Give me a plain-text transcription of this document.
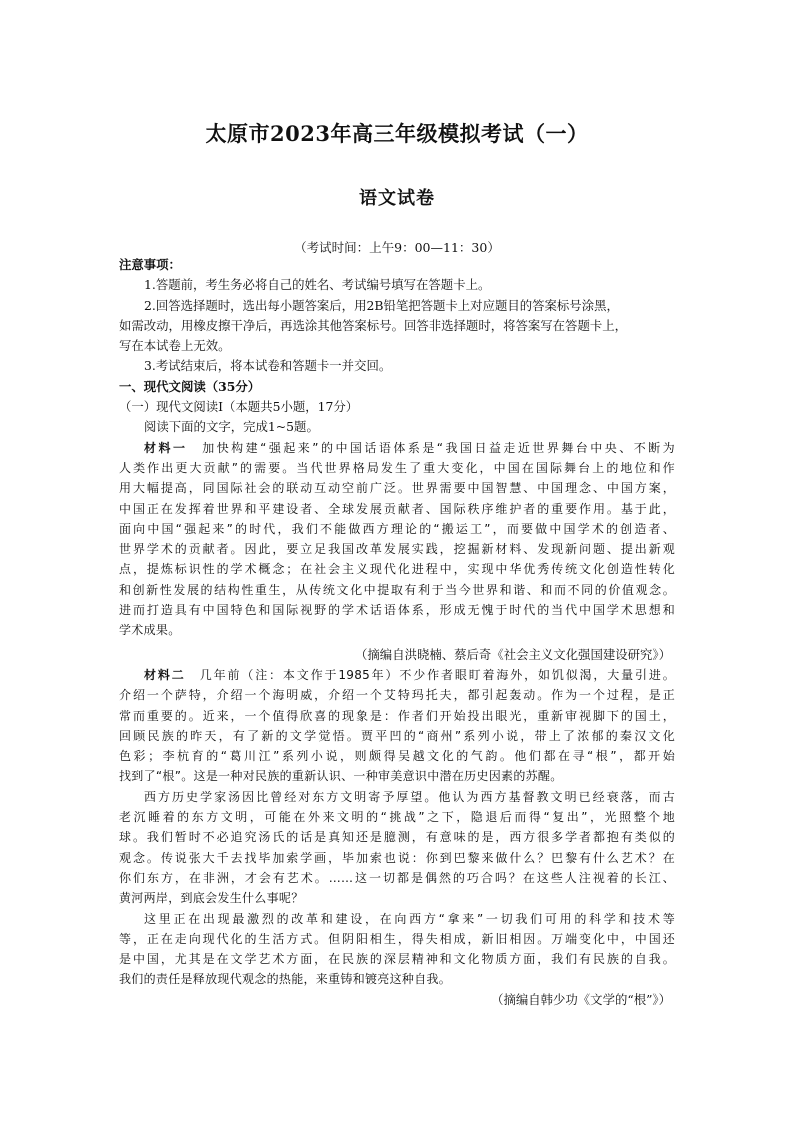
太原市2023年高三年级模拟考试（一）
语文试卷
（考试时间：上午9：00—11：30）

注意事项：

1.答题前，考生务必将自己的姓名、考试编号填写在答题卡上。

2.回答选择题时，选出每小题答案后，用2B铅笔把答题卡上对应题目的答案标号涂黑，

如需改动，用橡皮擦干净后，再选涂其他答案标号。回答非选择题时，将答案写在答题卡上，

写在本试卷上无效。

3.考试结束后，将本试卷和答题卡一并交回。

一、现代文阅读（35分）

（一）现代文阅读Ⅰ（本题共5小题，17分）

阅读下面的文字，完成1~5题。

材料一   加快构建“强起来”的中国话语体系是“我国日益走近世界舞台中央、不断为
人类作出更大贡献”的需要。当代世界格局发生了重大变化，中国在国际舞台上的地位和作
用大幅提高，同国际社会的联动互动空前广泛。世界需要中国智慧、中国理念、中国方案，
中国正在发挥着世界和平建设者、全球发展贡献者、国际秩序维护者的重要作用。基于此，
面向中国“强起来”的时代，我们不能做西方理论的“搬运工”，而要做中国学术的创造者、
世界学术的贡献者。因此，要立足我国改革发展实践，挖掘新材料、发现新问题、提出新观
点，提炼标识性的学术概念；在社会主义现代化进程中，实现中华优秀传统文化创造性转化
和创新性发展的结构性重生，从传统文化中提取有利于当今世界和谐、和而不同的价值观念。
进而打造具有中国特色和国际视野的学术话语体系，形成无愧于时代的当代中国学术思想和
学术成果。

（摘编自洪晓楠、蔡后奇《社会主义文化强国建设研究》）

材料二   几年前（注：本文作于1985年）不少作者眼盯着海外，如饥似渴，大量引进。
介绍一个萨特，介绍一个海明威，介绍一个艾特玛托夫，都引起轰动。作为一个过程，是正
常而重要的。近来，一个值得欣喜的现象是：作者们开始投出眼光，重新审视脚下的国土，
回顾民族的昨天，有了新的文学觉悟。贾平凹的“商州”系列小说，带上了浓郁的秦汉文化
色彩；李杭育的“葛川江”系列小说，则颇得吴越文化的气韵。他们都在寻“根”，都开始
找到了“根”。这是一种对民族的重新认识、一种审美意识中潜在历史因素的苏醒。
西方历史学家汤因比曾经对东方文明寄予厚望。他认为西方基督教文明已经衰落，而古
老沉睡着的东方文明，可能在外来文明的“挑战”之下，隐退后而得“复出”，光照整个地
球。我们暂时不必追究汤氏的话是真知还是臆测，有意味的是，西方很多学者都抱有类似的
观念。传说张大千去找毕加索学画，毕加索也说：你到巴黎来做什么？巴黎有什么艺术？在
你们东方，在非洲，才会有艺术。……这一切都是偶然的巧合吗？在这些人注视着的长江、
黄河两岸，到底会发生什么事呢？
这里正在出现最激烈的改革和建设，在向西方“拿来”一切我们可用的科学和技术等
等，正在走向现代化的生活方式。但阴阳相生，得失相成，新旧相因。万端变化中，中国还
是中国，尤其是在文学艺术方面，在民族的深层精神和文化物质方面，我们有民族的自我。
我们的责任是释放现代观念的热能，来重铸和镀亮这种自我。

（摘编自韩少功《文学的“根”》）
